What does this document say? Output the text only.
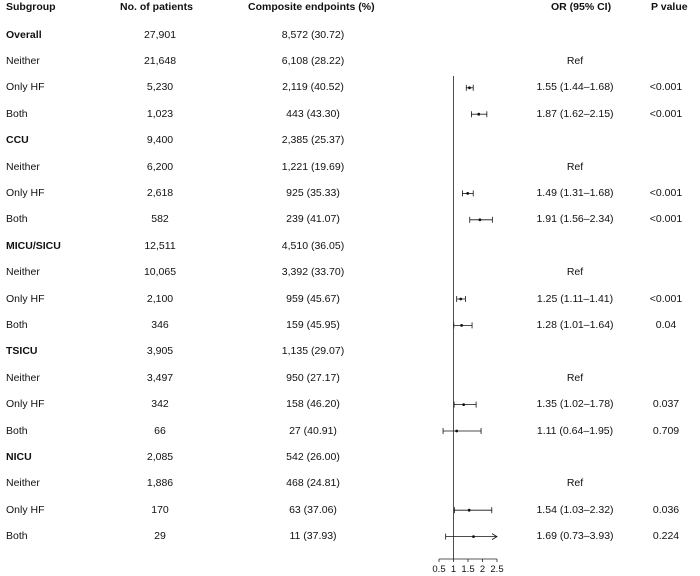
Subgroup	No. of patients	Composite endpoints (%)	OR (95% CI)	P value
Overall	27,901	8,572 (30.72)
Neither	21,648	6,108 (28.22)	Ref
Only HF	5,230	2,119 (40.52)	1.55 (1.44–1.68)	<0.001
Both	1,023	443 (43.30)	1.87 (1.62–2.15)	<0.001
CCU	9,400	2,385 (25.37)
Neither	6,200	1,221 (19.69)	Ref
Only HF	2,618	925 (35.33)	1.49 (1.31–1.68)	<0.001
Both	582	239 (41.07)	1.91 (1.56–2.34)	<0.001
MICU/SICU	12,511	4,510 (36.05)
Neither	10,065	3,392 (33.70)	Ref
Only HF	2,100	959 (45.67)	1.25 (1.11–1.41)	<0.001
Both	346	159 (45.95)	1.28 (1.01–1.64)	0.04
TSICU	3,905	1,135 (29.07)
Neither	3,497	950 (27.17)	Ref
Only HF	342	158 (46.20)	1.35 (1.02–1.78)	0.037
Both	66	27 (40.91)	1.11 (0.64–1.95)	0.709
NICU	2,085	542 (26.00)
Neither	1,886	468 (24.81)	Ref
Only HF	170	63 (37.06)	1.54 (1.03–2.32)	0.036
Both	29	11 (37.93)	1.69 (0.73–3.93)	0.224
0.5 1 1.5 2 2.5
